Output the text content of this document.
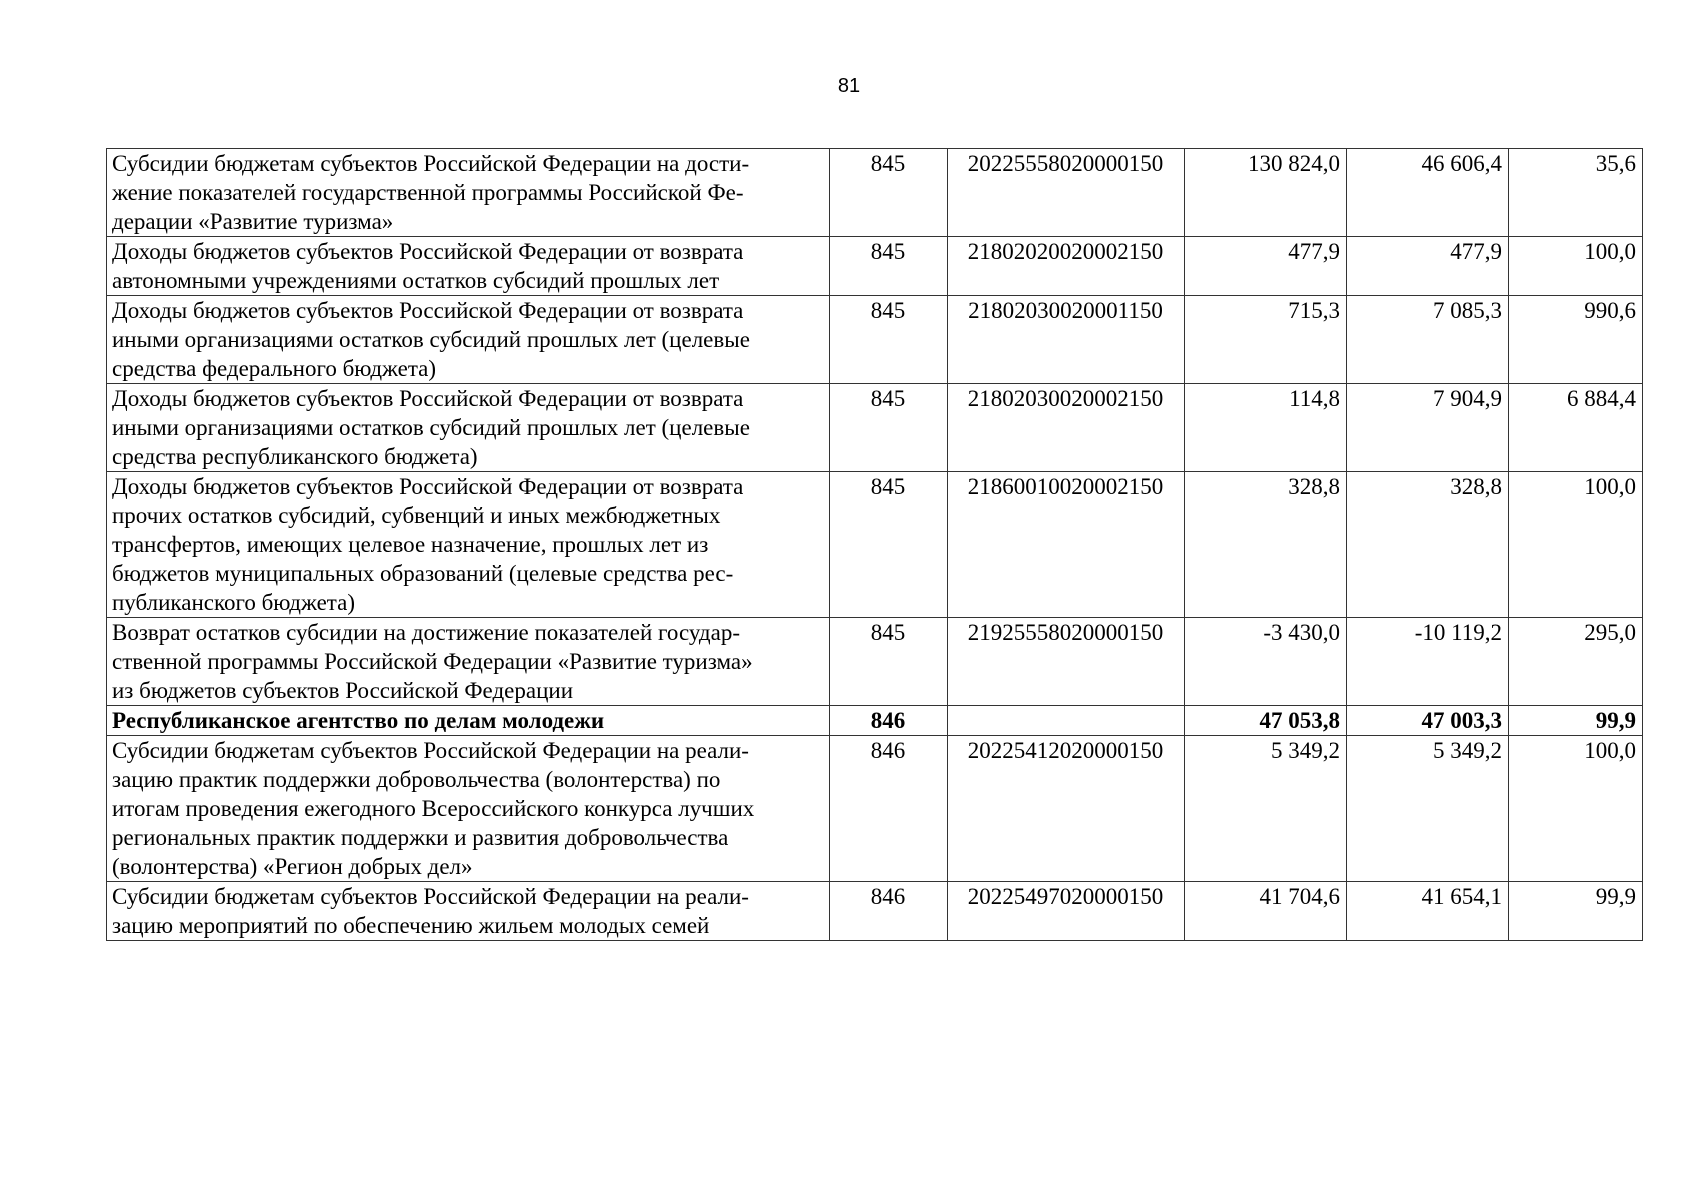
81
Субсидии бюджетам субъектов Российской Федерации на дости-
жение показателей государственной программы Российской Фе-
дерации «Развитие туризма»	845	20225558020000150	130 824,0	46 606,4	35,6
Доходы бюджетов субъектов Российской Федерации от возврата
автономными учреждениями остатков субсидий прошлых лет	845	21802020020002150	477,9	477,9	100,0
Доходы бюджетов субъектов Российской Федерации от возврата
иными организациями остатков субсидий прошлых лет (целевые
средства федерального бюджета)	845	21802030020001150	715,3	7 085,3	990,6
Доходы бюджетов субъектов Российской Федерации от возврата
иными организациями остатков субсидий прошлых лет (целевые
средства республиканского бюджета)	845	21802030020002150	114,8	7 904,9	6 884,4
Доходы бюджетов субъектов Российской Федерации от возврата
прочих остатков субсидий, субвенций и иных межбюджетных
трансфертов, имеющих целевое назначение, прошлых лет из
бюджетов муниципальных образований (целевые средства рес-
публиканского бюджета)	845	21860010020002150	328,8	328,8	100,0
Возврат остатков субсидии на достижение показателей государ-
ственной программы Российской Федерации «Развитие туризма»
из бюджетов субъектов Российской Федерации	845	21925558020000150	-3 430,0	-10 119,2	295,0
Республиканское агентство по делам молодежи	846		47 053,8	47 003,3	99,9
Субсидии бюджетам субъектов Российской Федерации на реали-
зацию практик поддержки добровольчества (волонтерства) по
итогам проведения ежегодного Всероссийского конкурса лучших
региональных практик поддержки и развития добровольчества
(волонтерства) «Регион добрых дел»	846	20225412020000150	5 349,2	5 349,2	100,0
Субсидии бюджетам субъектов Российской Федерации на реали-
зацию мероприятий по обеспечению жильем молодых семей	846	20225497020000150	41 704,6	41 654,1	99,9
